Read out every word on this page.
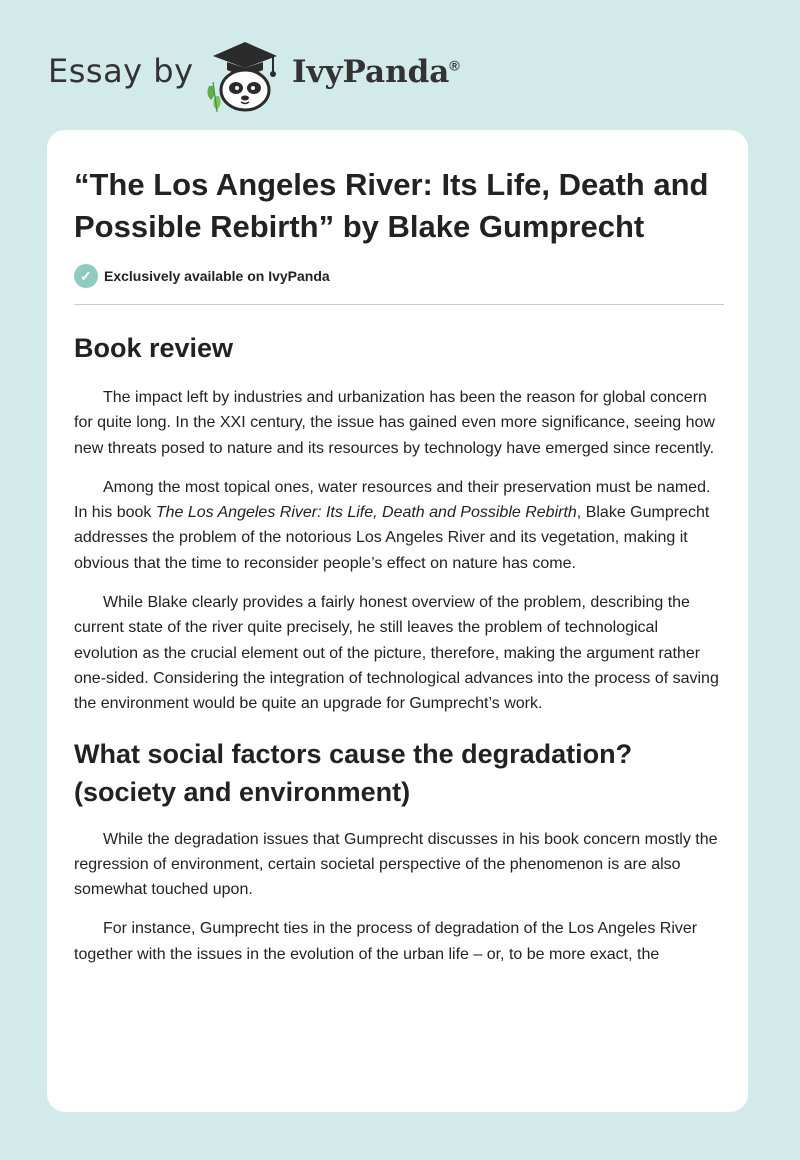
Essay by	IvyPanda®
“The Los Angeles River: Its Life, Death and Possible Rebirth” by Blake Gumprecht
✓ Exclusively available on IvyPanda
Book review

The impact left by industries and urbanization has been the reason for global concern for quite long. In the XXI century, the issue has gained even more significance, seeing how new threats posed to nature and its resources by technology have emerged since recently.

Among the most topical ones, water resources and their preservation must be named. In his book The Los Angeles River: Its Life, Death and Possible Rebirth, Blake Gumprecht addresses the problem of the notorious Los Angeles River and its vegetation, making it obvious that the time to reconsider people’s effect on nature has come.

While Blake clearly provides a fairly honest overview of the problem, describing the current state of the river quite precisely, he still leaves the problem of technological evolution as the crucial element out of the picture, therefore, making the argument rather one-sided. Considering the integration of technological advances into the process of saving the environment would be quite an upgrade for Gumprecht’s work.

What social factors cause the degradation? (society and environment)

While the degradation issues that Gumprecht discusses in his book concern mostly the regression of environment, certain societal perspective of the phenomenon is are also somewhat touched upon.

For instance, Gumprecht ties in the process of degradation of the Los Angeles River together with the issues in the evolution of the urban life – or, to be more exact, the
